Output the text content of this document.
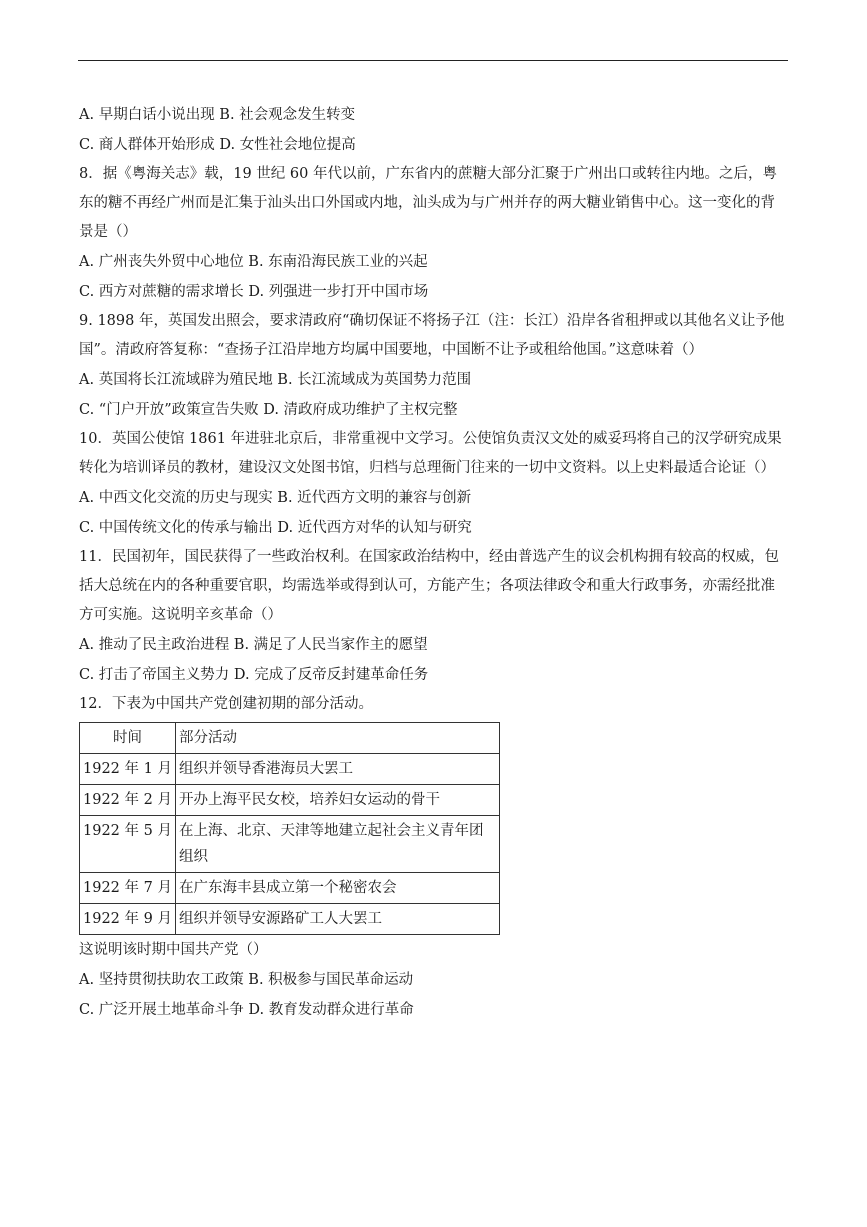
A. 早期白话小说出现 B. 社会观念发生转变
C. 商人群体开始形成 D. 女性社会地位提高
8．据《粤海关志》载，19 世纪 60 年代以前，广东省内的蔗糖大部分汇聚于广州出口或转往内地。之后，粤东的糖不再经广州而是汇集于汕头出口外国或内地，汕头成为与广州并存的两大糖业销售中心。这一变化的背景是（）
A. 广州丧失外贸中心地位 B. 东南沿海民族工业的兴起
C. 西方对蔗糖的需求增长 D. 列强进一步打开中国市场
9. 1898 年，英国发出照会，要求清政府“确切保证不将扬子江（注：长江）沿岸各省租押或以其他名义让予他国”。清政府答复称：“查扬子江沿岸地方均属中国要地，中国断不让予或租给他国。”这意味着（）
A. 英国将长江流域辟为殖民地 B. 长江流域成为英国势力范围
C. “门户开放”政策宣告失败 D. 清政府成功维护了主权完整
10．英国公使馆 1861 年进驻北京后，非常重视中文学习。公使馆负责汉文处的威妥玛将自己的汉学研究成果转化为培训译员的教材，建设汉文处图书馆，归档与总理衙门往来的一切中文资料。以上史料最适合论证（）
A. 中西文化交流的历史与现实 B. 近代西方文明的兼容与创新
C. 中国传统文化的传承与输出 D. 近代西方对华的认知与研究
11．民国初年，国民获得了一些政治权利。在国家政治结构中，经由普选产生的议会机构拥有较高的权威，包括大总统在内的各种重要官职，均需选举或得到认可，方能产生；各项法律政令和重大行政事务，亦需经批准方可实施。这说明辛亥革命（）
A. 推动了民主政治进程 B. 满足了人民当家作主的愿望
C. 打击了帝国主义势力 D. 完成了反帝反封建革命任务
12．下表为中国共产党创建初期的部分活动。
时间	部分活动
1922 年 1 月	组织并领导香港海员大罢工
1922 年 2 月	开办上海平民女校，培养妇女运动的骨干
1922 年 5 月	在上海、北京、天津等地建立起社会主义青年团组织
1922 年 7 月	在广东海丰县成立第一个秘密农会
1922 年 9 月	组织并领导安源路矿工人大罢工
这说明该时期中国共产党（）
A. 坚持贯彻扶助农工政策 B. 积极参与国民革命运动
C. 广泛开展土地革命斗争 D. 教育发动群众进行革命
